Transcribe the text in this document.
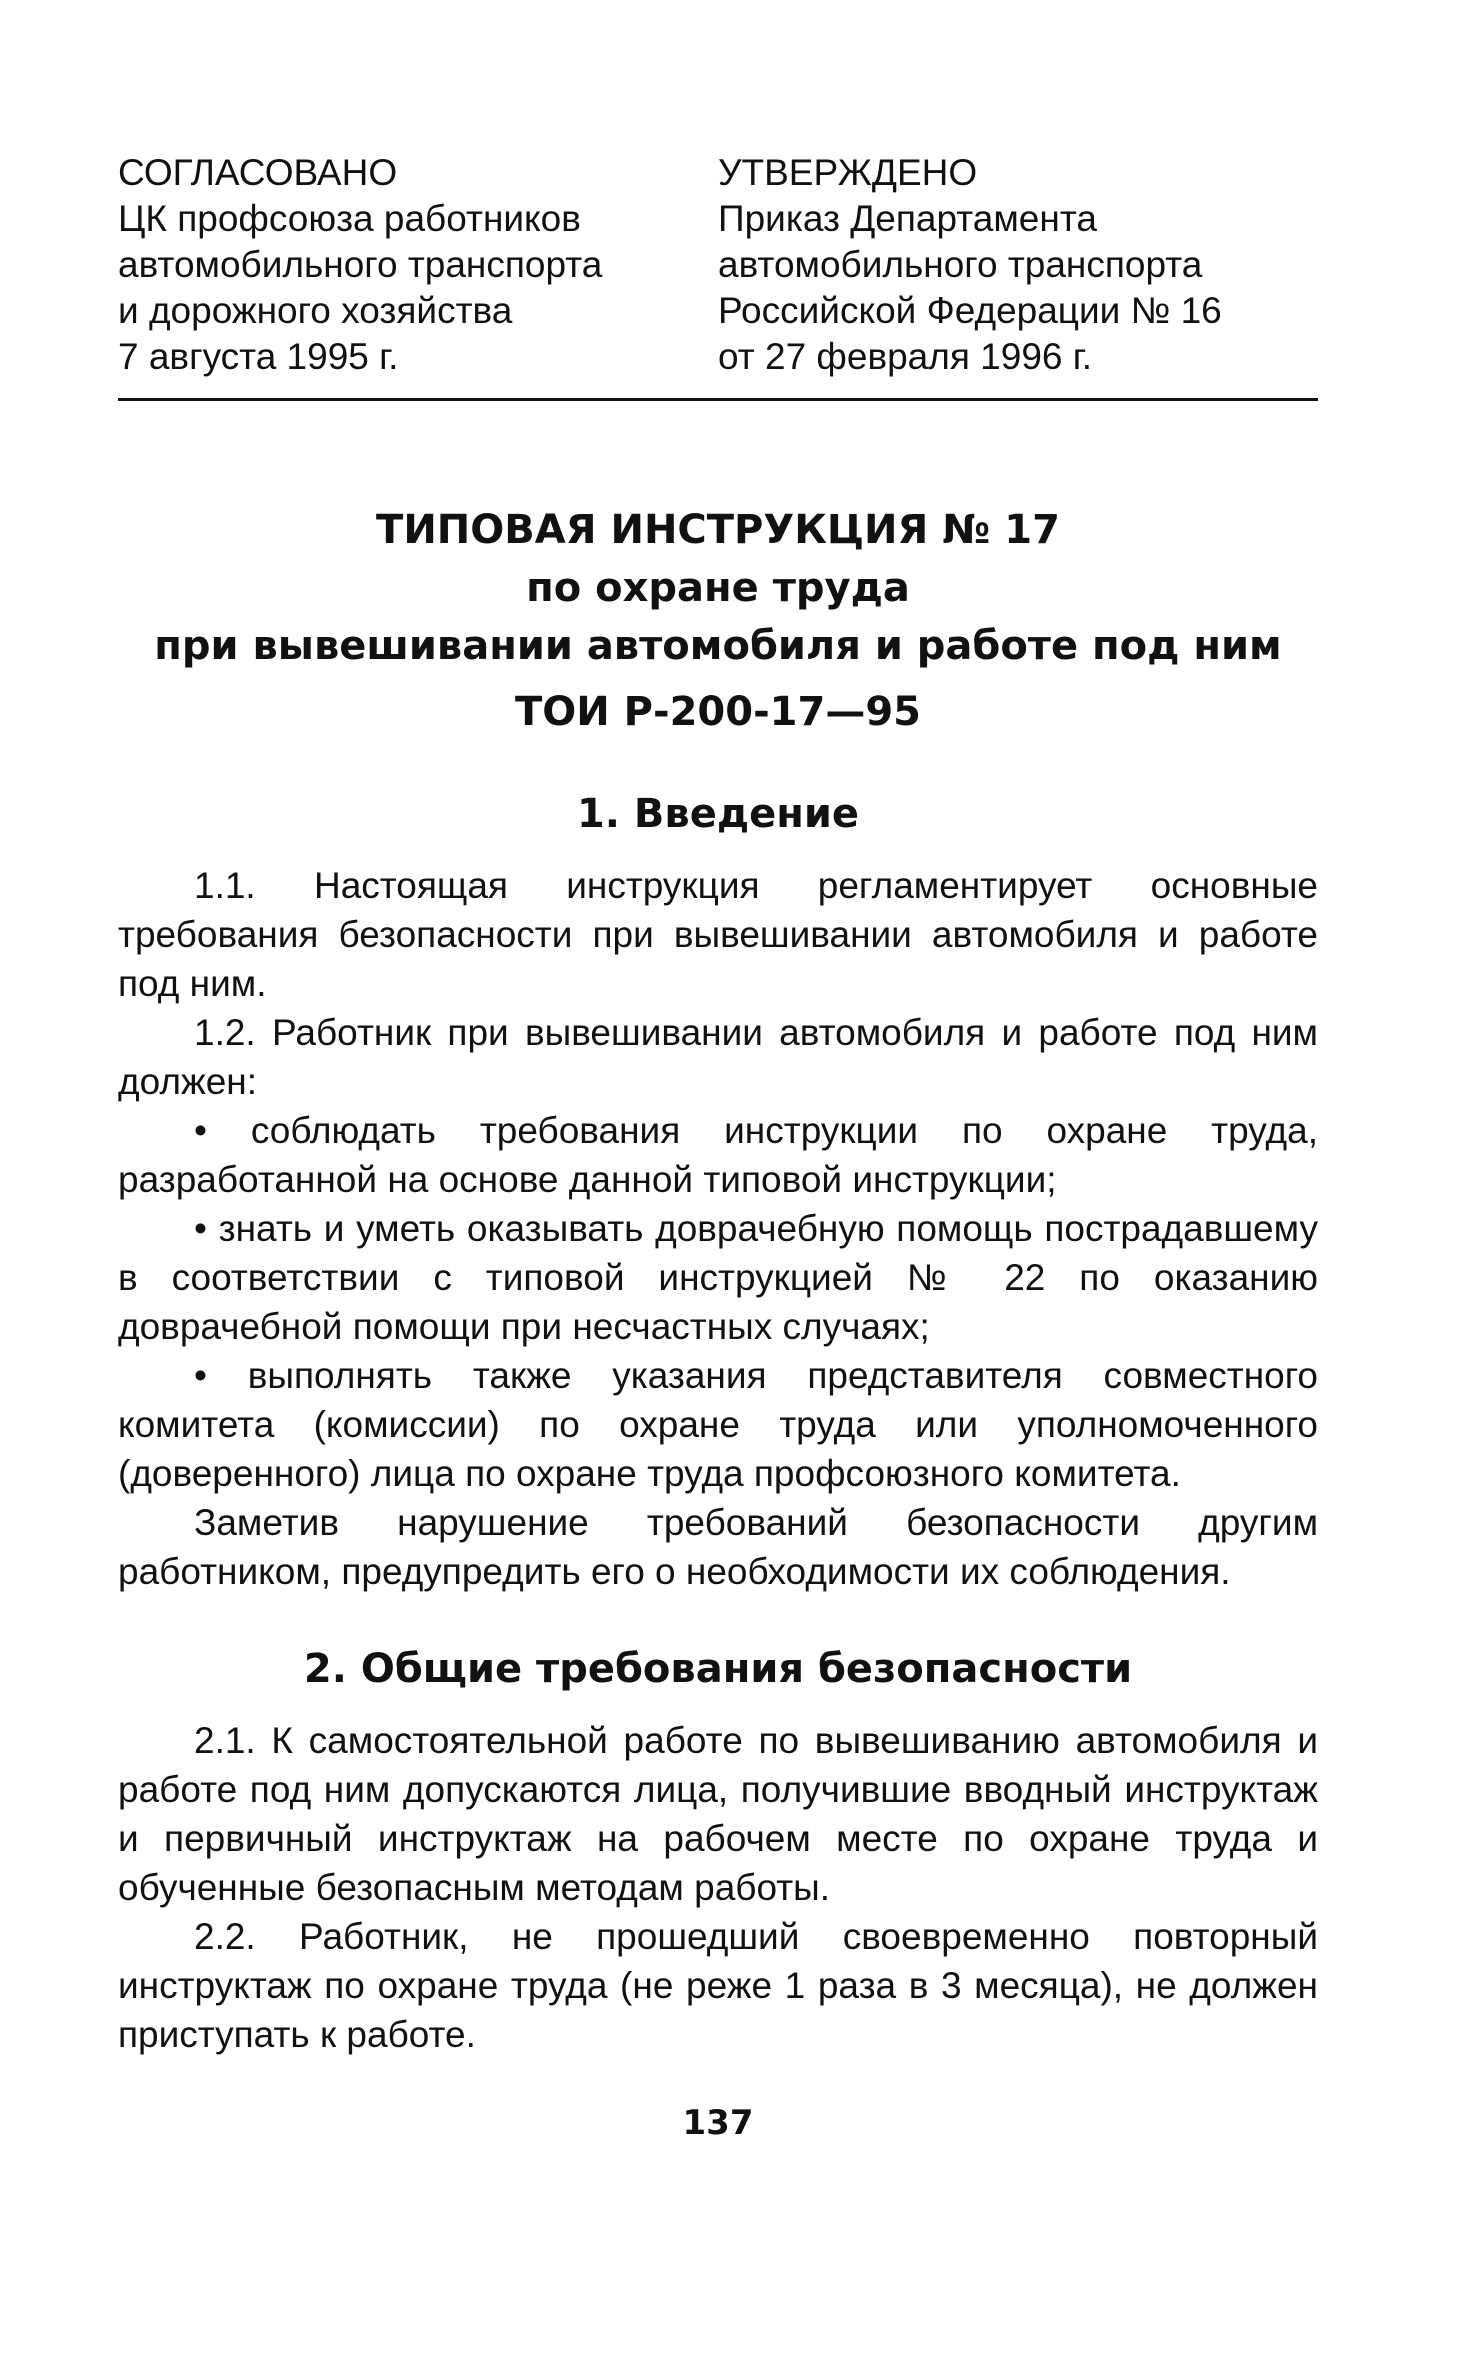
СОГЛАСОВАНО
ЦК профсоюза работников
автомобильного транспорта
и дорожного хозяйства
7 августа 1995 г.
УТВЕРЖДЕНО
Приказ Департамента
автомобильного транспорта
Российской Федерации № 16
от 27 февраля 1996 г.
ТИПОВАЯ ИНСТРУКЦИЯ № 17
по охране труда
при вывешивании автомобиля и работе под ним
ТОИ Р-200-17—95
1. Введение

1.1. Настоящая инструкция регламентирует основные требования безопасности при вывешивании автомобиля и работе под ним.

1.2. Работник при вывешивании автомобиля и работе под ним должен:

• соблюдать требования инструкции по охране труда, разработанной на основе данной типовой инструкции;

• знать и уметь оказывать доврачебную помощь пострадавшему в соответствии с типовой инструкцией № 22 по оказанию доврачебной помощи при несчастных случаях;

• выполнять также указания представителя совместного комитета (комиссии) по охране труда или уполномоченного (доверенного) лица по охране труда профсоюзного комитета.

Заметив нарушение требований безопасности другим работником, предупредить его о необходимости их соблюдения.

2. Общие требования безопасности

2.1. К самостоятельной работе по вывешиванию автомобиля и работе под ним допускаются лица, получившие вводный инструктаж и первичный инструктаж на рабочем месте по охране труда и обученные безопасным методам работы.

2.2. Работник, не прошедший своевременно повторный инструктаж по охране труда (не реже 1 раза в 3 месяца), не должен приступать к работе.

137
